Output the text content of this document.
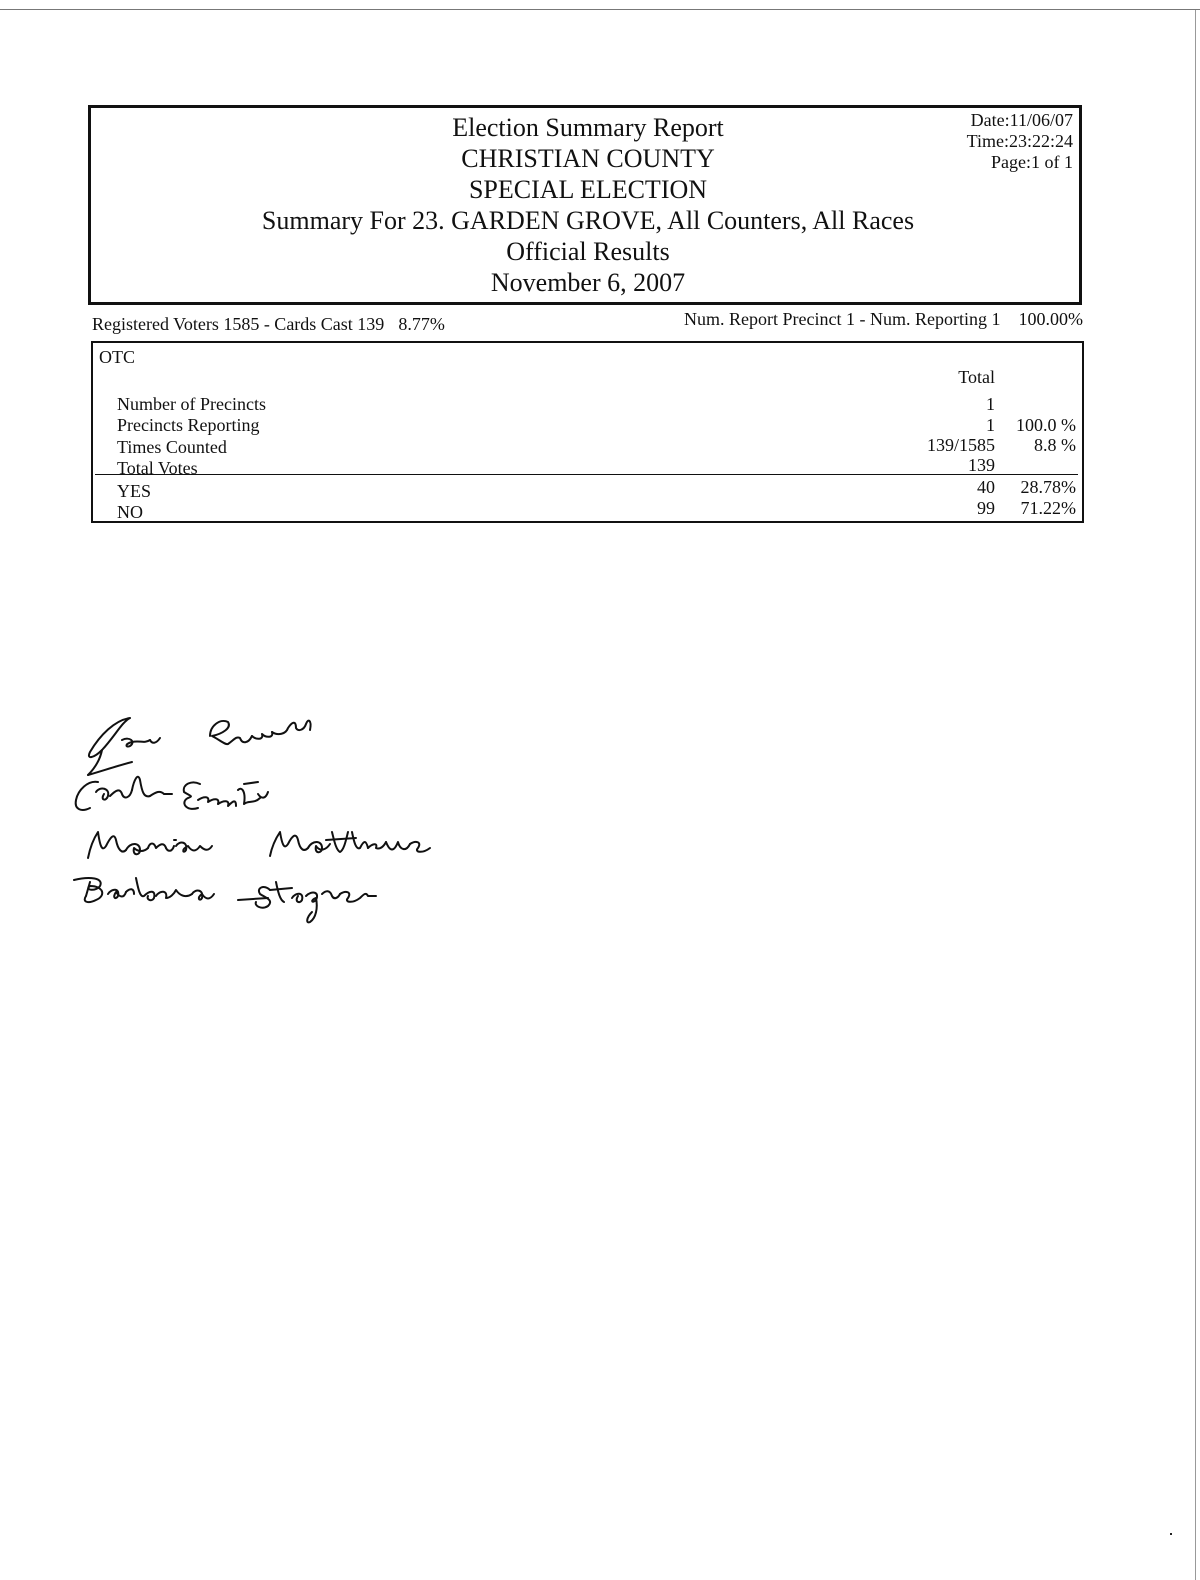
Election Summary Report
CHRISTIAN COUNTY
SPECIAL ELECTION
Summary For 23. GARDEN GROVE, All Counters, All Races
Official Results
November 6, 2007
Date:11/06/07
Time:23:22:24
Page:1 of 1
Registered Voters 1585 - Cards Cast 139 8.77%	Num. Report Precinct 1 - Num. Reporting 1 100.00%
OTC
Total
Number of Precincts	1
Precincts Reporting	1 100.0 %
Times Counted	139/1585 8.8 %
Total Votes	139
YES	40 28.78%
NO	99 71.22%
